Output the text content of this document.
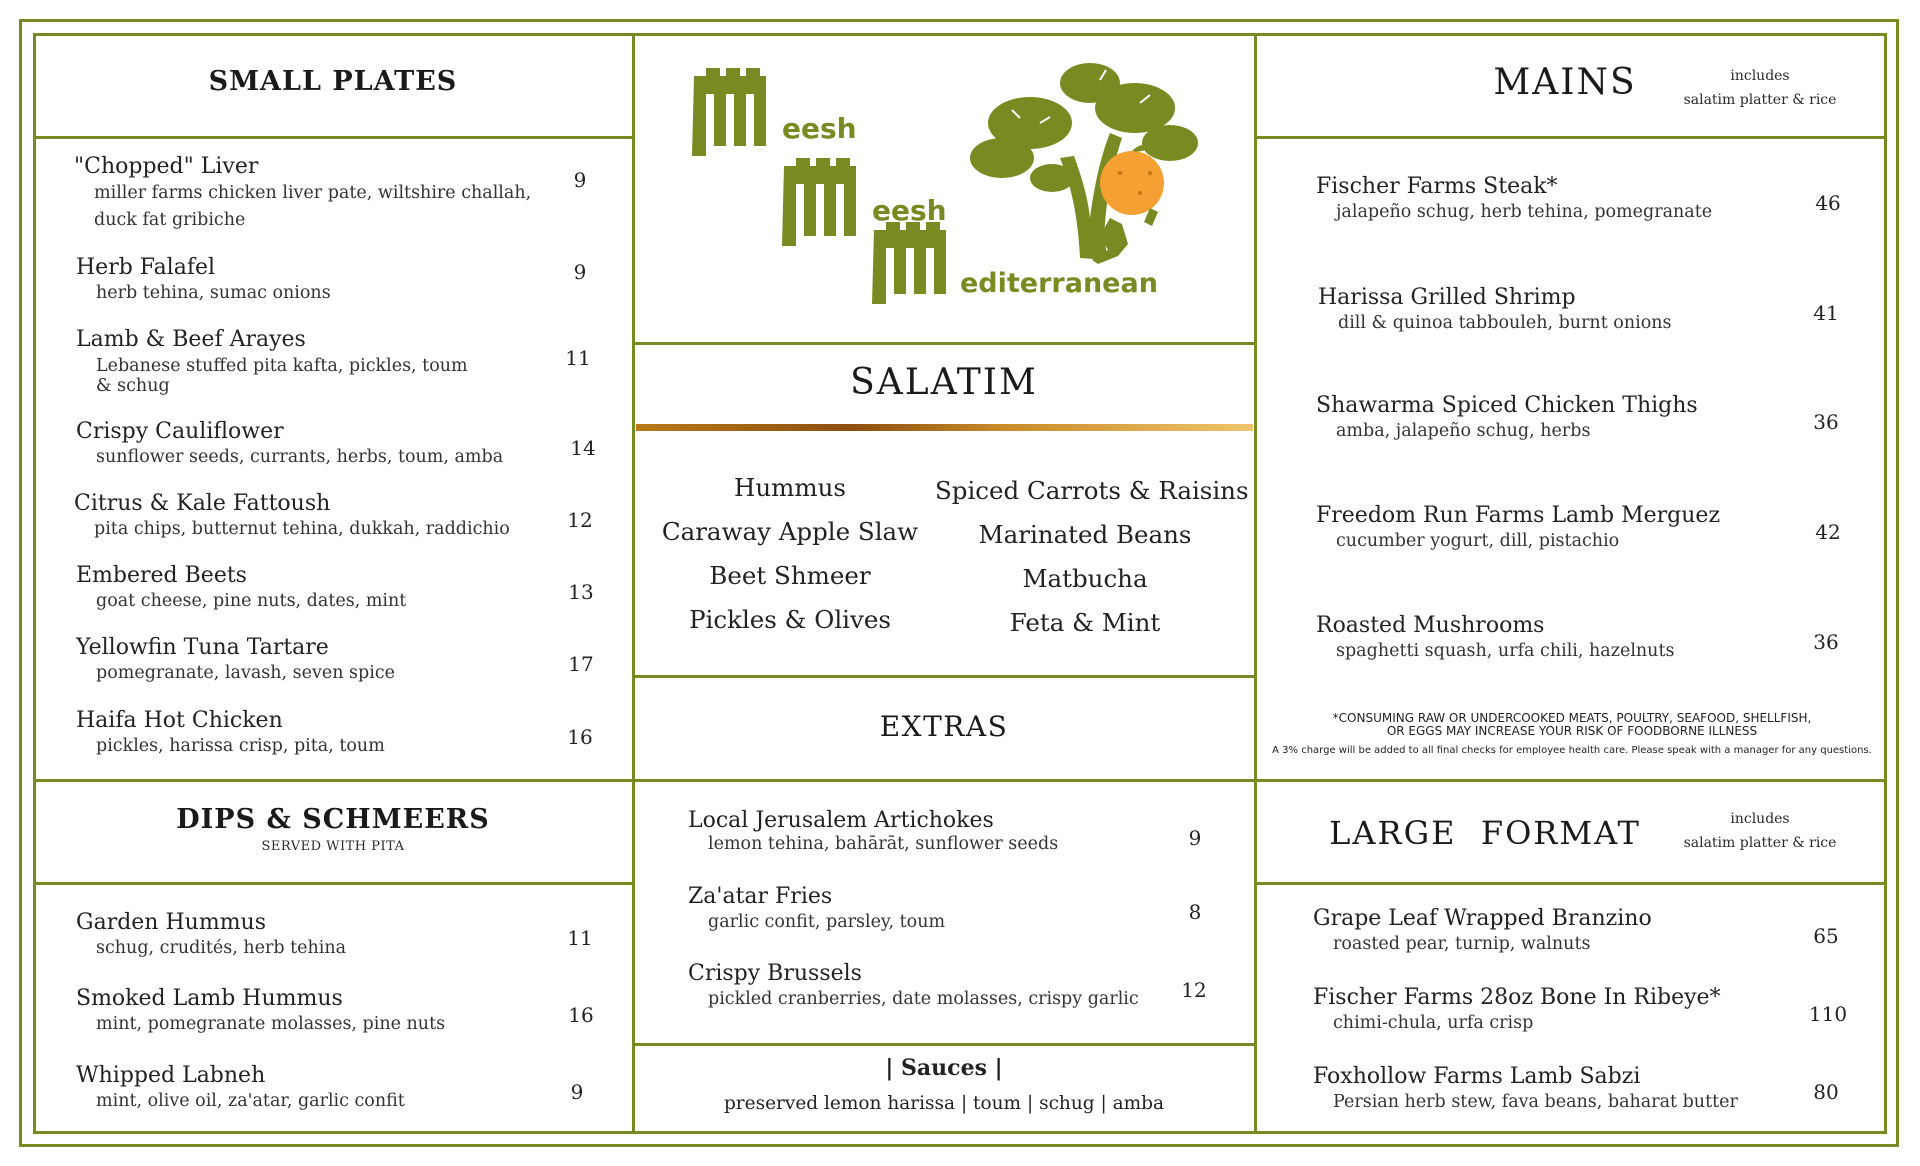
eesh
eesh
editerranean
SMALL PLATES
"Chopped" Liver
miller farms chicken liver pate, wiltshire challah, duck fat gribiche
9
Herb Falafel
herb tehina, sumac onions
9
Lamb & Beef Arayes
Lebanese stuffed pita kafta, pickles, toum & schug
11
Crispy Cauliflower
sunflower seeds, currants, herbs, toum, amba	14
Citrus & Kale Fattoush
pita chips, butternut tehina, dukkah, raddichio	12
Embered Beets
goat cheese, pine nuts, dates, mint	13
Yellowfin Tuna Tartare
pomegranate, lavash, seven spice	17
Haifa Hot Chicken
pickles, harissa crisp, pita, toum	16
DIPS & SCHMEERS
SERVED WITH PITA
Garden Hummus
schug, crudités, herb tehina	11
Smoked Lamb Hummus
mint, pomegranate molasses, pine nuts	16
Whipped Labneh
mint, olive oil, za'atar, garlic confit	9
SALATIM
Hummus
Caraway Apple Slaw
Beet Shmeer
Pickles & Olives
Spiced Carrots & Raisins
Marinated Beans
Matbucha
Feta & Mint
EXTRAS
Local Jerusalem Artichokes
lemon tehina, bahārāt, sunflower seeds	9
Za'atar Fries
garlic confit, parsley, toum	8
Crispy Brussels
pickled cranberries, date molasses, crispy garlic	12
| Sauces |
preserved lemon harissa | toum | schug | amba
MAINS	includes
salatim platter & rice
Fischer Farms Steak*
jalapeño schug, herb tehina, pomegranate	46
Harissa Grilled Shrimp
dill & quinoa tabbouleh, burnt onions	41
Shawarma Spiced Chicken Thighs
amba, jalapeño schug, herbs	36
Freedom Run Farms Lamb Merguez
cucumber yogurt, dill, pistachio	42
Roasted Mushrooms
spaghetti squash, urfa chili, hazelnuts	36
*CONSUMING RAW OR UNDERCOOKED MEATS, POULTRY, SEAFOOD, SHELLFISH,
OR EGGS MAY INCREASE YOUR RISK OF FOODBORNE ILLNESS
A 3% charge will be added to all final checks for employee health care. Please speak with a manager for any questions.
LARGE  FORMAT	includes
salatim platter & rice
Grape Leaf Wrapped Branzino
roasted pear, turnip, walnuts	65
Fischer Farms 28oz Bone In Ribeye*
chimi-chula, urfa crisp	110
Foxhollow Farms Lamb Sabzi
Persian herb stew, fava beans, baharat butter	80
